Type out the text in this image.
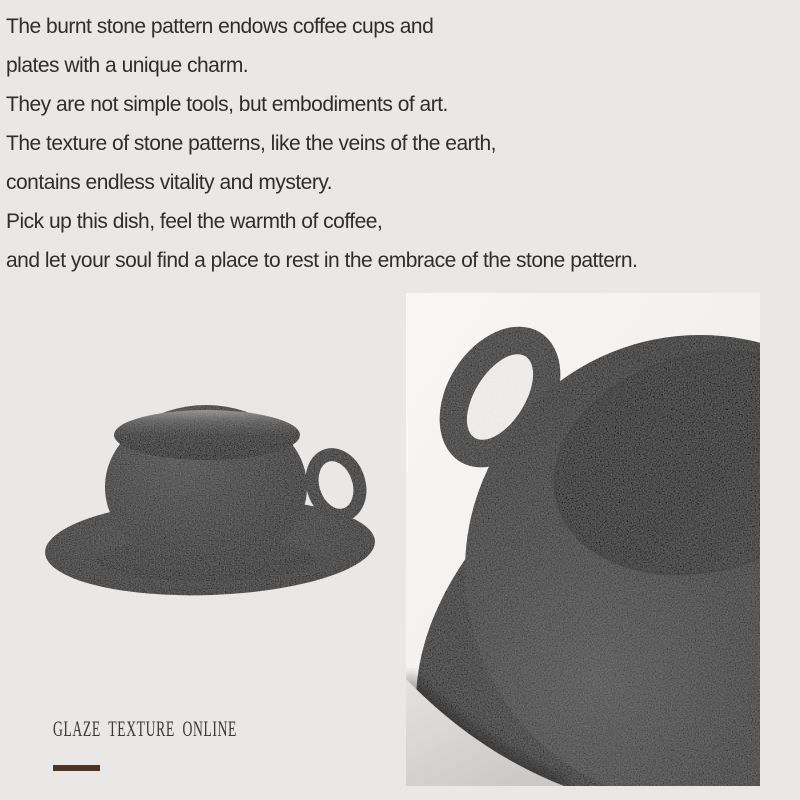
The burnt stone pattern endows coffee cups and
plates with a unique charm.
They are not simple tools, but embodiments of art.
The texture of stone patterns, like the veins of the earth,
contains endless vitality and mystery.
Pick up this dish, feel the warmth of coffee,
and let your soul find a place to rest in the embrace of the stone pattern.
GLAZE TEXTURE ONLINE
